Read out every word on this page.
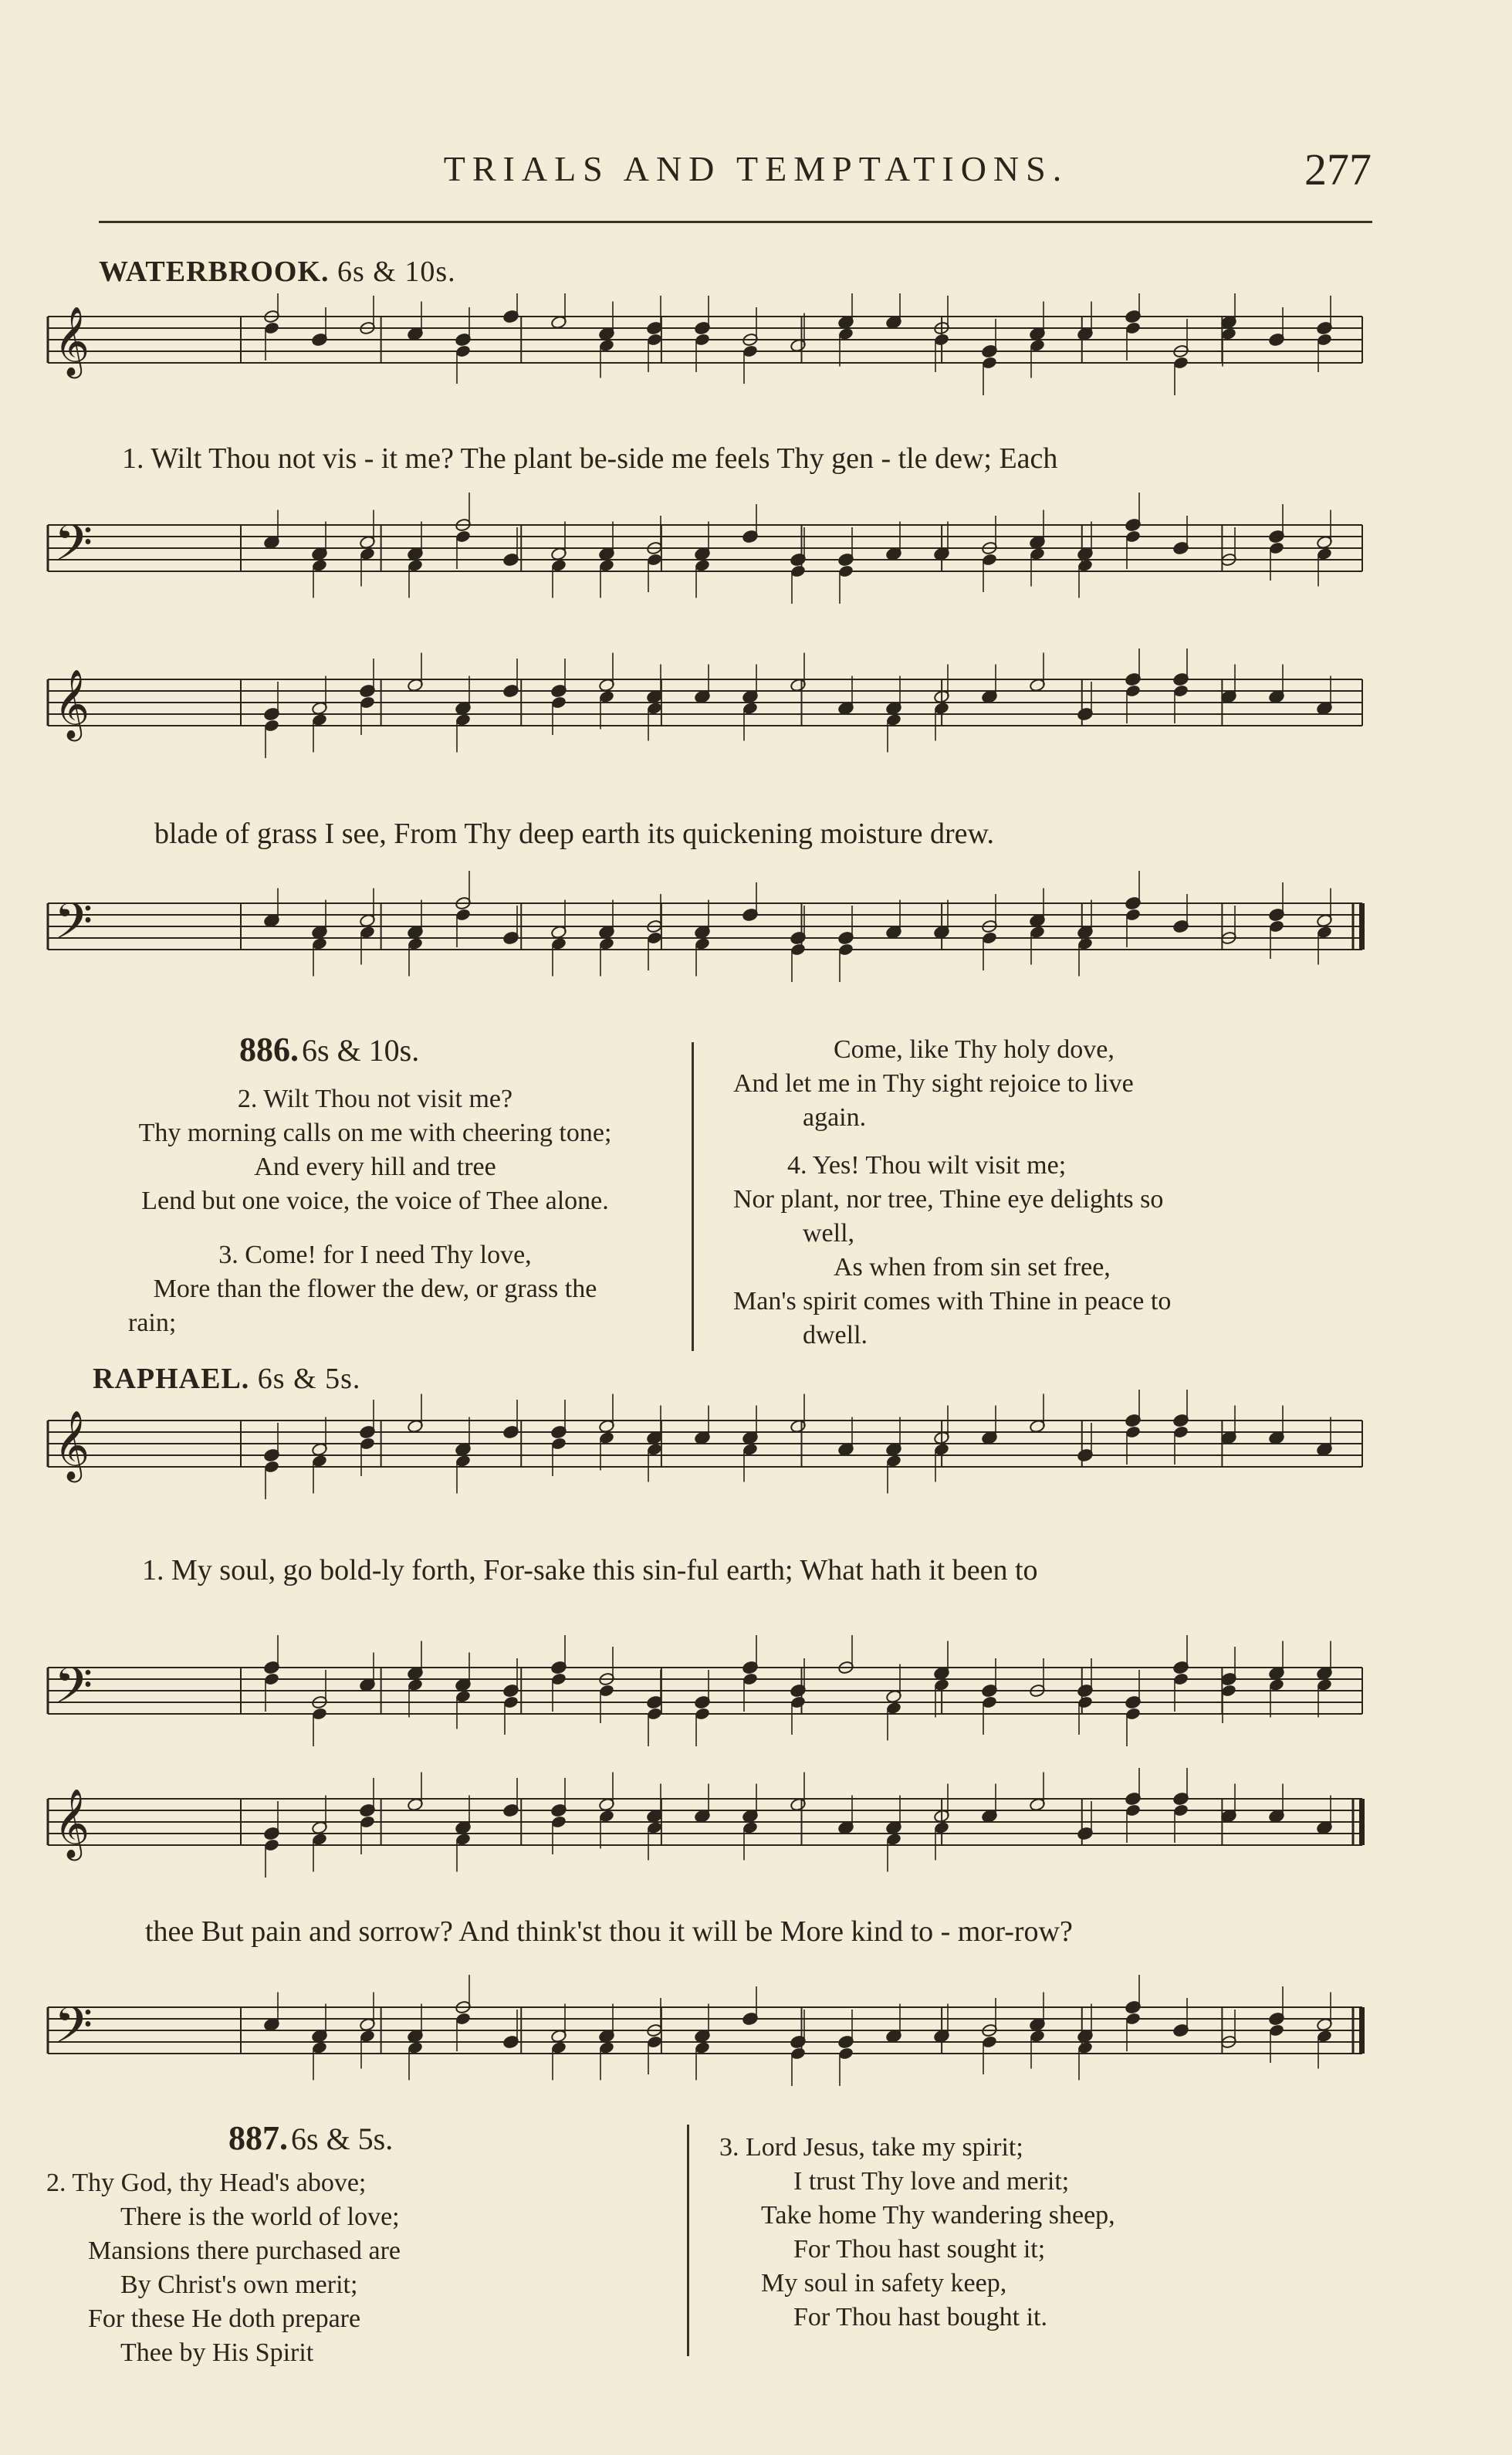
TRIALS AND TEMPTATIONS.	277
WATERBROOK. 6s & 10s.
𝄞
1. Wilt Thou not vis - it me? The plant be-side me feels Thy gen - tle dew; Each
𝄢
𝄞
blade of grass I see, From Thy deep earth its quickening moisture drew.
𝄢
886. 6s & 10s.
2. Wilt Thou not visit me?
Thy morning calls on me with cheering tone;
And every hill and tree
Lend but one voice, the voice of Thee alone.
3. Come! for I need Thy love,
More than the flower the dew, or grass the
rain;
Come, like Thy holy dove,
And let me in Thy sight rejoice to live
again.
4. Yes! Thou wilt visit me;
Nor plant, nor tree, Thine eye delights so
well,
As when from sin set free,
Man's spirit comes with Thine in peace to
dwell.
RAPHAEL. 6s & 5s.
𝄞
1. My soul, go bold-ly forth, For-sake this sin-ful earth; What hath it been to
𝄢
𝄞
thee But pain and sorrow? And think'st thou it will be More kind to - mor-row?
𝄢
887. 6s & 5s.
2. Thy God, thy Head's above;
There is the world of love;
Mansions there purchased are
By Christ's own merit;
For these He doth prepare
Thee by His Spirit
3. Lord Jesus, take my spirit;
I trust Thy love and merit;
Take home Thy wandering sheep,
For Thou hast sought it;
My soul in safety keep,
For Thou hast bought it.
